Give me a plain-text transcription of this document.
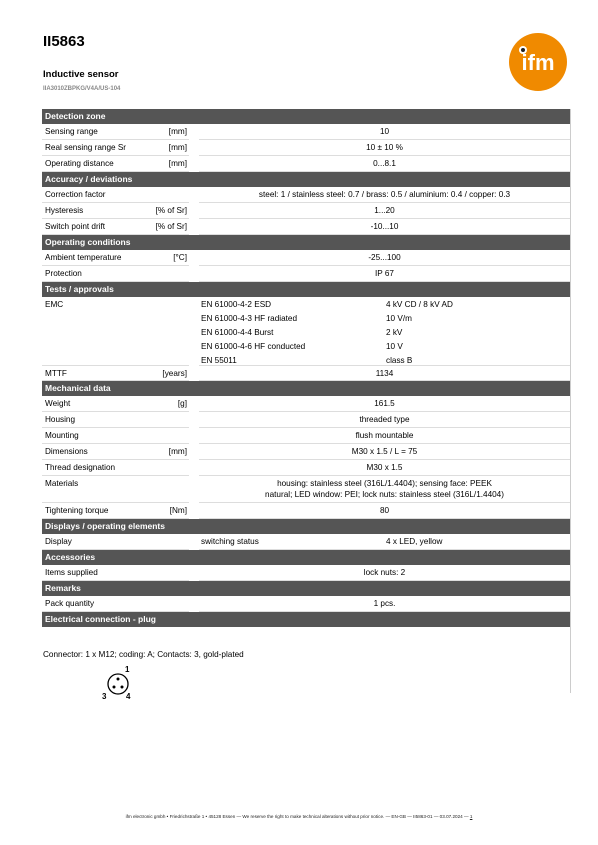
II5863
Inductive sensor
IIA3010ZBPKG/V4A/US-104
ifm
Detection zone
Sensing range	[mm]	10
Real sensing range Sr	[mm]	10 ± 10 %
Operating distance	[mm]	0...8.1
Accuracy / deviations
Correction factor	steel: 1 / stainless steel: 0.7 / brass: 0.5 / aluminium: 0.4 / copper: 0.3
Hysteresis	[% of Sr]	1...20
Switch point drift	[% of Sr]	-10...10
Operating conditions
Ambient temperature	[°C]	-25...100
Protection	IP 67
Tests / approvals
EMC	EN 61000-4-2 ESD	4 kV CD / 8 kV AD
EN 61000-4-3 HF radiated	10 V/m
EN 61000-4-4 Burst	2 kV
EN 61000-4-6 HF conducted	10 V
EN 55011	class B
MTTF	[years]	1134
Mechanical data
Weight	[g]	161.5
Housing	threaded type
Mounting	flush mountable
Dimensions	[mm]	M30 x 1.5 / L = 75
Thread designation	M30 x 1.5
Materials	housing: stainless steel (316L/1.4404); sensing face: PEEK
natural; LED window: PEI; lock nuts: stainless steel (316L/1.4404)
Tightening torque	[Nm]	80
Displays / operating elements
Display	switching status	4 x LED, yellow
Accessories
Items supplied	lock nuts: 2
Remarks
Pack quantity	1 pcs.
Electrical connection - plug
Connector: 1 x M12; coding: A; Contacts: 3, gold-plated
1
3 4
ifm electronic gmbh • Friedrichstraße 1 • 45128 Essen — We reserve the right to make technical alterations without prior notice. — EN-GB — II5863-01 — 03.07.2024 — 1
